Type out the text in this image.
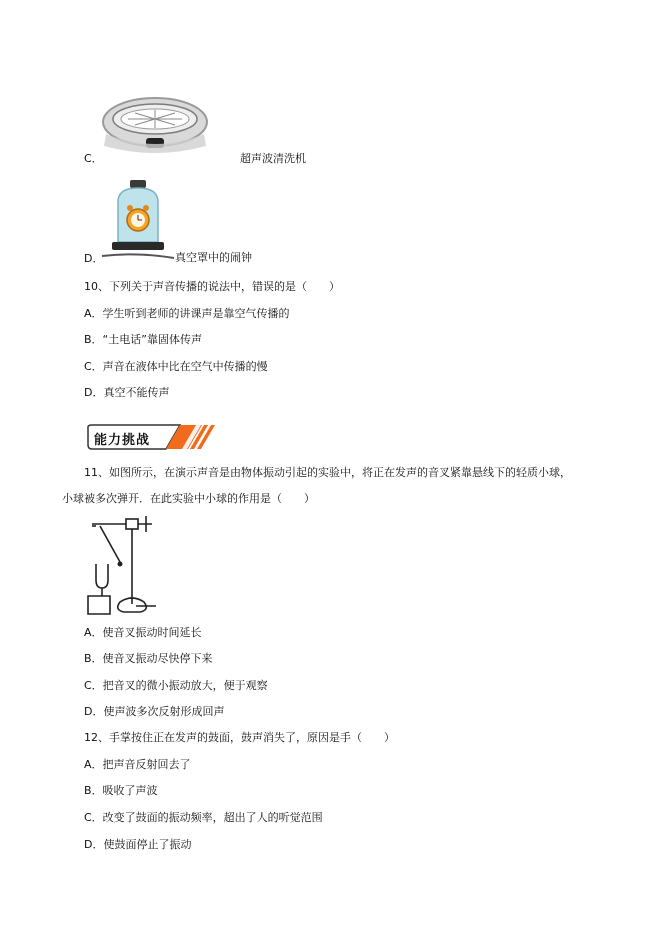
C．	超声波清洗机
D．	真空罩中的闹钟
10、下列关于声音传播的说法中，错误的是（　　）
A．学生听到老师的讲课声是靠空气传播的
B．“土电话”靠固体传声
C．声音在液体中比在空气中传播的慢
D．真空不能传声
能力挑战
11、如图所示，在演示声音是由物体振动引起的实验中，将正在发声的音叉紧靠悬线下的轻质小球，
小球被多次弹开．在此实验中小球的作用是（　　）
A．使音叉振动时间延长
B．使音叉振动尽快停下来
C．把音叉的微小振动放大，便于观察
D．使声波多次反射形成回声
12、手掌按住正在发声的鼓面，鼓声消失了，原因是手（　　）
A．把声音反射回去了
B．吸收了声波
C．改变了鼓面的振动频率，超出了人的听觉范围
D．使鼓面停止了振动
